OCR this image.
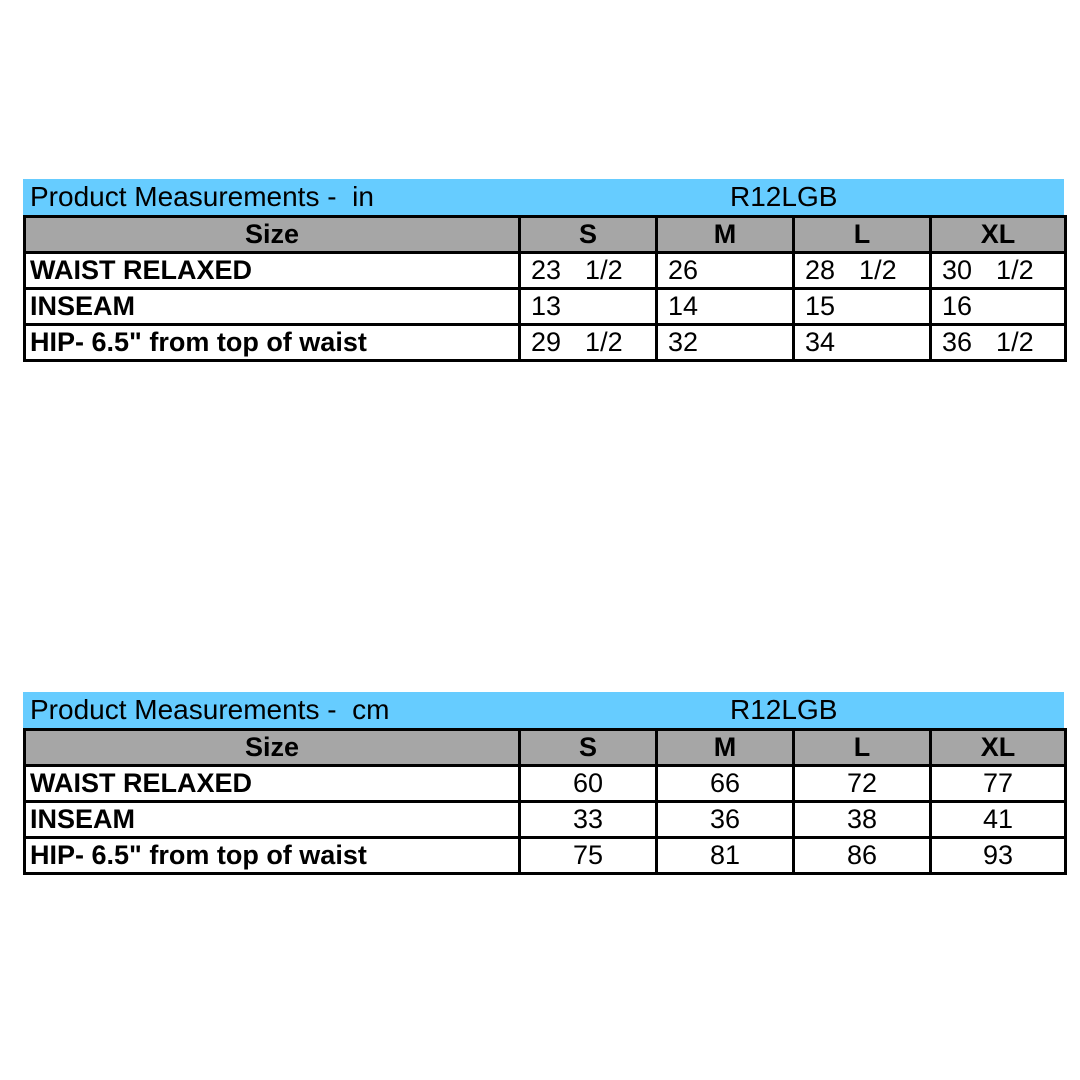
Product Measurements -  in	R12LGB
Size	S	M	L	XL
WAIST RELAXED	23 1/2	26	28 1/2	30 1/2
INSEAM	13	14	15	16
HIP- 6.5" from top of waist	29 1/2	32	34	36 1/2
Product Measurements -  cm	R12LGB
Size	S	M	L	XL
WAIST RELAXED	60	66	72	77
INSEAM	33	36	38	41
HIP- 6.5" from top of waist	75	81	86	93
